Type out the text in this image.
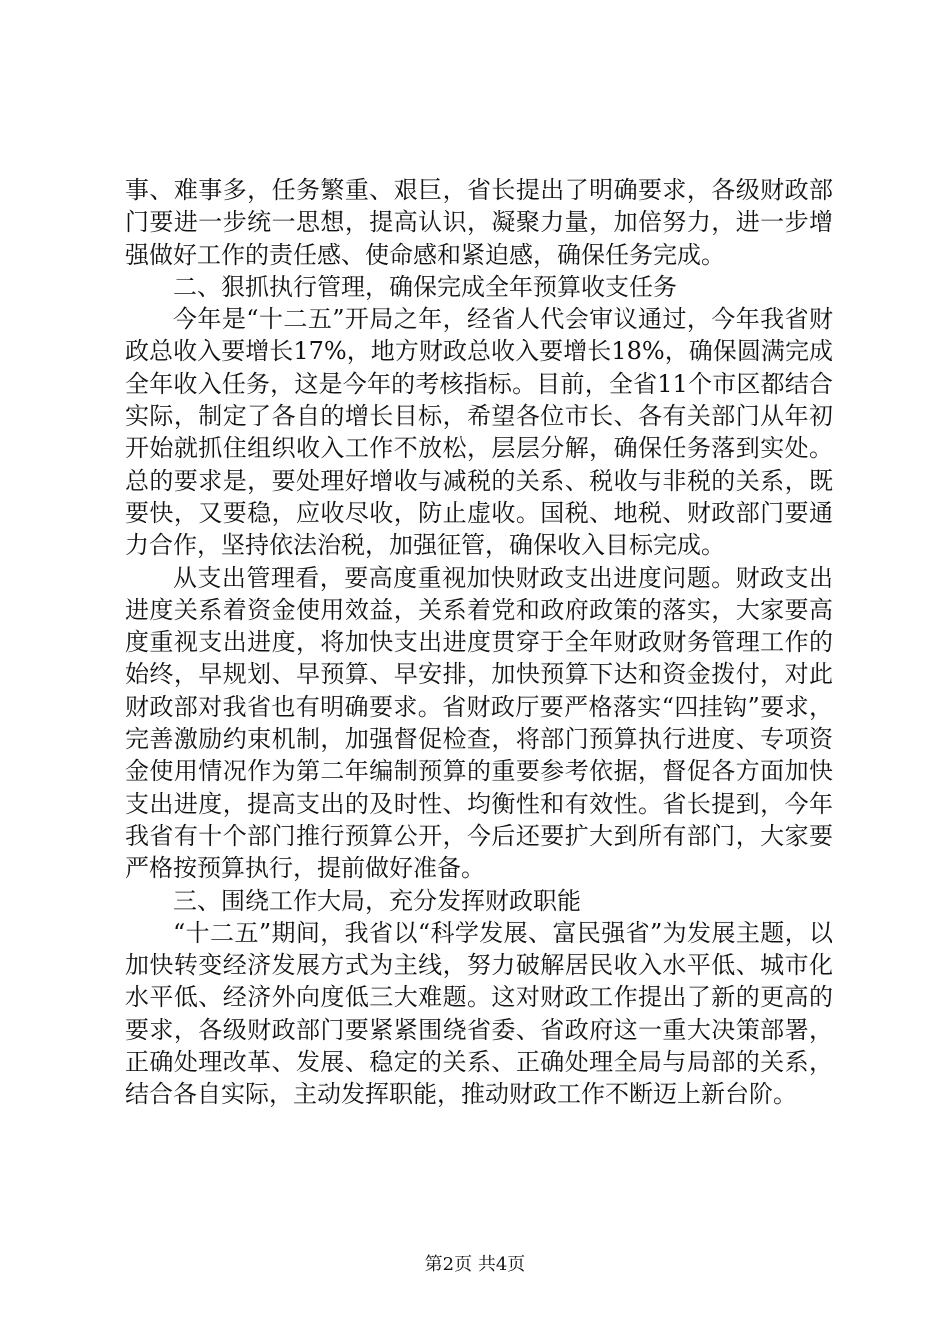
事、难事多，任务繁重、艰巨，省长提出了明确要求，各级财政部门要进一步统一思想，提高认识，凝聚力量，加倍努力，进一步增强做好工作的责任感、使命感和紧迫感，确保任务完成。

二、狠抓执行管理，确保完成全年预算收支任务

今年是“十二五”开局之年，经省人代会审议通过，今年我省财政总收入要增长17%，地方财政总收入要增长18%，确保圆满完成全年收入任务，这是今年的考核指标。目前，全省11个市区都结合实际，制定了各自的增长目标，希望各位市长、各有关部门从年初开始就抓住组织收入工作不放松，层层分解，确保任务落到实处。总的要求是，要处理好增收与减税的关系、税收与非税的关系，既要快，又要稳，应收尽收，防止虚收。国税、地税、财政部门要通力合作，坚持依法治税，加强征管，确保收入目标完成。

从支出管理看，要高度重视加快财政支出进度问题。财政支出进度关系着资金使用效益，关系着党和政府政策的落实，大家要高度重视支出进度，将加快支出进度贯穿于全年财政财务管理工作的始终，早规划、早预算、早安排，加快预算下达和资金拨付，对此财政部对我省也有明确要求。省财政厅要严格落实“四挂钩”要求，完善激励约束机制，加强督促检查，将部门预算执行进度、专项资金使用情况作为第二年编制预算的重要参考依据，督促各方面加快支出进度，提高支出的及时性、均衡性和有效性。省长提到，今年我省有十个部门推行预算公开，今后还要扩大到所有部门，大家要严格按预算执行，提前做好准备。

三、围绕工作大局，充分发挥财政职能

“十二五”期间，我省以“科学发展、富民强省”为发展主题，以加快转变经济发展方式为主线，努力破解居民收入水平低、城市化水平低、经济外向度低三大难题。这对财政工作提出了新的更高的要求，各级财政部门要紧紧围绕省委、省政府这一重大决策部署，正确处理改革、发展、稳定的关系、正确处理全局与局部的关系，结合各自实际，主动发挥职能，推动财政工作不断迈上新台阶。

第2页 共4页
